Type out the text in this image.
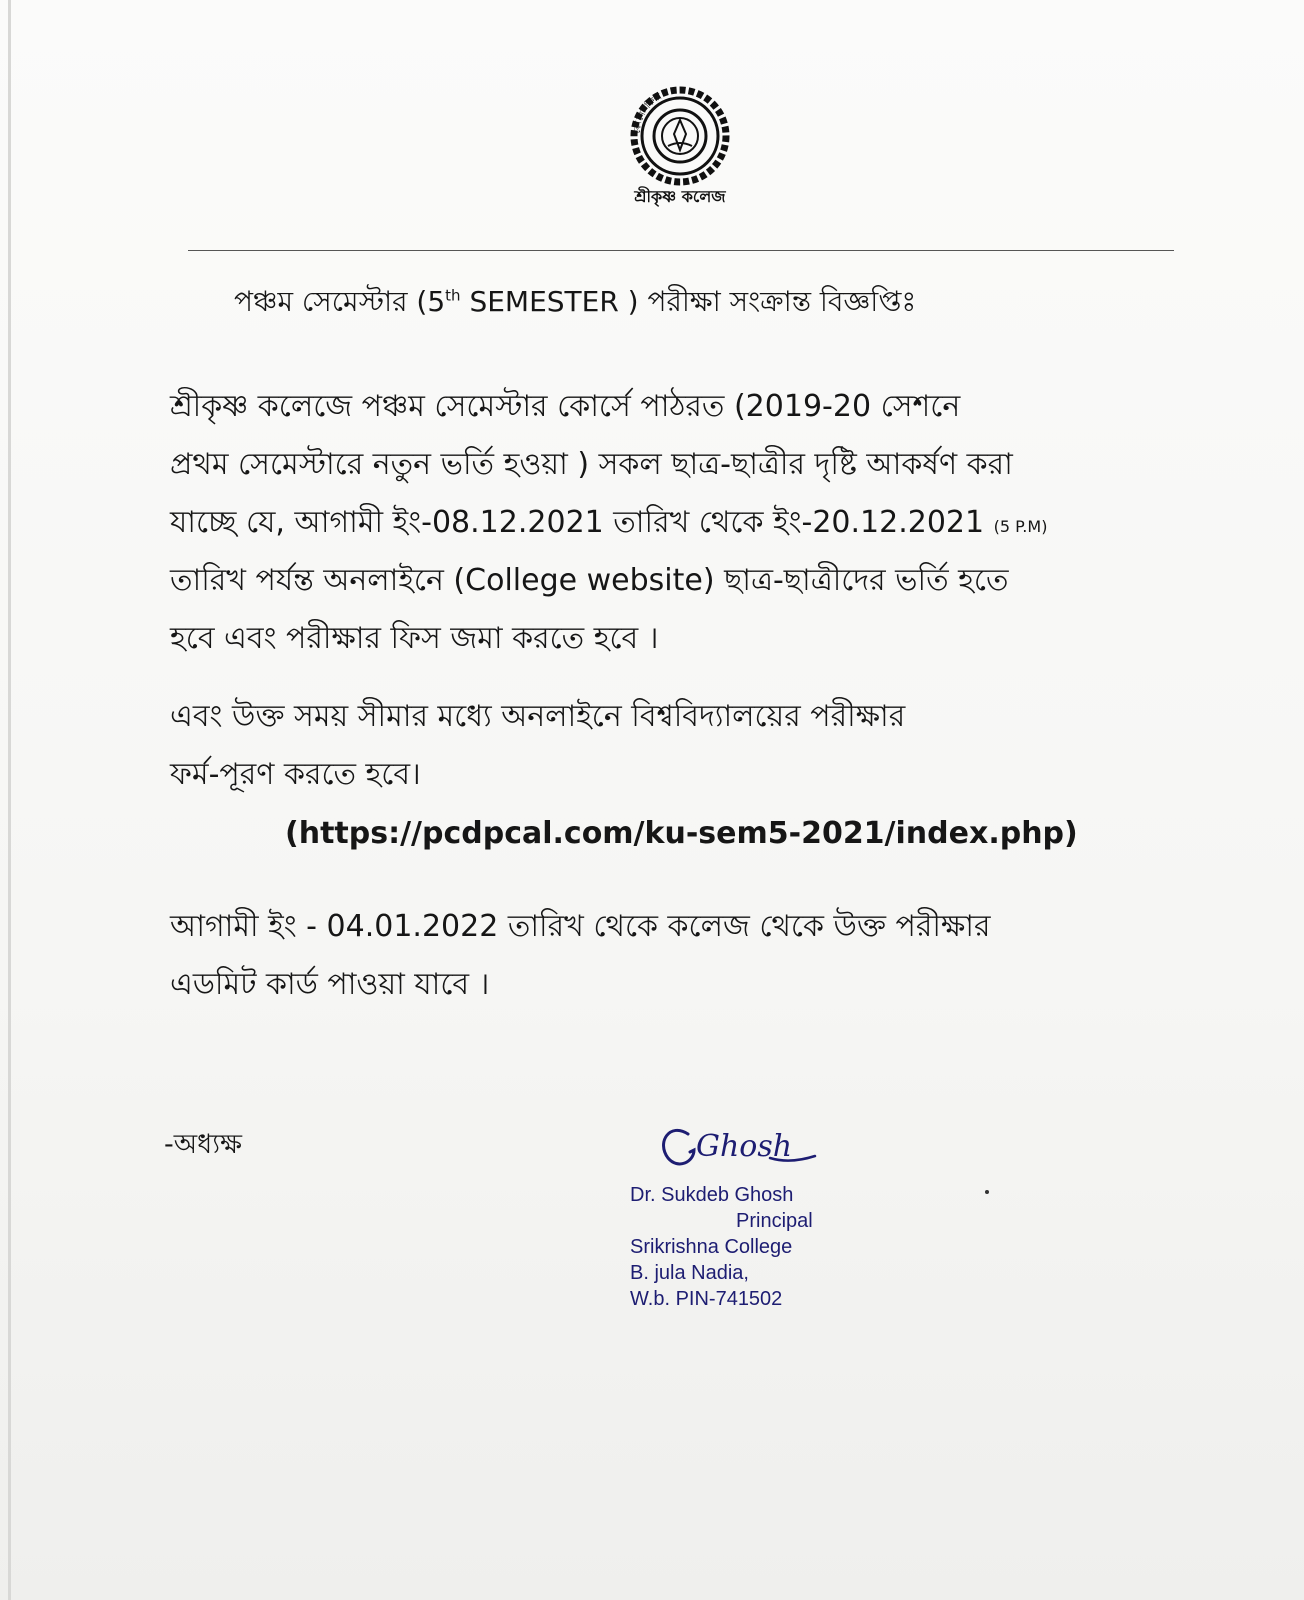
কোনো বিদ্যা
শ্রীকৃষ্ণ কলেজ
পঞ্চম সেমেস্টার (5th SEMESTER ) পরীক্ষা সংক্রান্ত বিজ্ঞপ্তিঃ
শ্রীকৃষ্ণ কলেজে পঞ্চম সেমেস্টার কোর্সে পাঠরত (2019-20 সেশনে
প্রথম সেমেস্টারে নতুন ভর্তি হওয়া ) সকল ছাত্র-ছাত্রীর দৃষ্টি আকর্ষণ করা
যাচ্ছে যে, আগামী ইং-08.12.2021 তারিখ থেকে ইং-20.12.2021 (5 P.M)
তারিখ পর্যন্ত অনলাইনে (College website) ছাত্র-ছাত্রীদের ভর্তি হতে
হবে এবং পরীক্ষার ফিস জমা করতে হবে ।
এবং উক্ত সময় সীমার মধ্যে অনলাইনে বিশ্ববিদ্যালয়ের পরীক্ষার
ফর্ম-পূরণ করতে হবে।
(https://pcdpcal.com/ku-sem5-2021/index.php)
আগামী ইং - 04.01.2022 তারিখ থেকে কলেজ থেকে উক্ত পরীক্ষার
এডমিট কার্ড পাওয়া যাবে ।
-অধ্যক্ষ	Ghosh
Dr. Sukdeb Ghosh
Principal
Srikrishna College
B. jula Nadia,
W.b. PIN-741502
